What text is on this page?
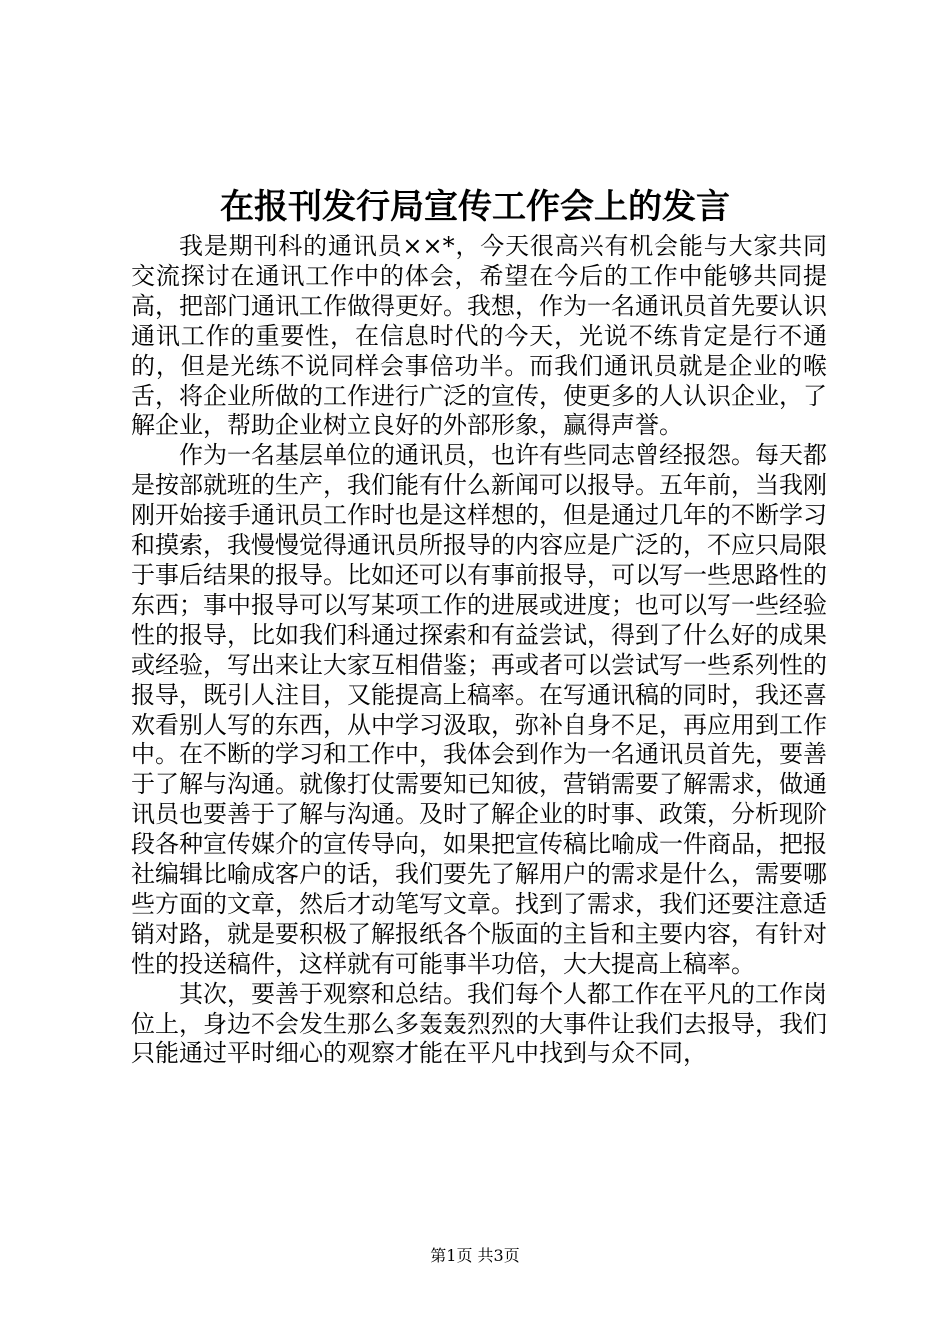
在报刊发行局宣传工作会上的发言

我是期刊科的通讯员××*，今天很高兴有机会能与大家共同交流探讨在通讯工作中的体会，希望在今后的工作中能够共同提高，把部门通讯工作做得更好。我想，作为一名通讯员首先要认识通讯工作的重要性，在信息时代的今天，光说不练肯定是行不通的，但是光练不说同样会事倍功半。而我们通讯员就是企业的喉舌，将企业所做的工作进行广泛的宣传，使更多的人认识企业，了解企业，帮助企业树立良好的外部形象，赢得声誉。

作为一名基层单位的通讯员，也许有些同志曾经报怨。每天都是按部就班的生产，我们能有什么新闻可以报导。五年前，当我刚刚开始接手通讯员工作时也是这样想的，但是通过几年的不断学习和摸索，我慢慢觉得通讯员所报导的内容应是广泛的，不应只局限于事后结果的报导。比如还可以有事前报导，可以写一些思路性的东西；事中报导可以写某项工作的进展或进度；也可以写一些经验性的报导，比如我们科通过探索和有益尝试，得到了什么好的成果或经验，写出来让大家互相借鉴；再或者可以尝试写一些系列性的报导，既引人注目，又能提高上稿率。在写通讯稿的同时，我还喜欢看别人写的东西，从中学习汲取，弥补自身不足，再应用到工作中。在不断的学习和工作中，我体会到作为一名通讯员首先，要善于了解与沟通。就像打仗需要知已知彼，营销需要了解需求，做通讯员也要善于了解与沟通。及时了解企业的时事、政策，分析现阶段各种宣传媒介的宣传导向，如果把宣传稿比喻成一件商品，把报社编辑比喻成客户的话，我们要先了解用户的需求是什么，需要哪些方面的文章，然后才动笔写文章。找到了需求，我们还要注意适销对路，就是要积极了解报纸各个版面的主旨和主要内容，有针对性的投送稿件，这样就有可能事半功倍，大大提高上稿率。

其次，要善于观察和总结。我们每个人都工作在平凡的工作岗位上，身边不会发生那么多轰轰烈烈的大事件让我们去报导，我们只能通过平时细心的观察才能在平凡中找到与众不同，

第1页 共3页
